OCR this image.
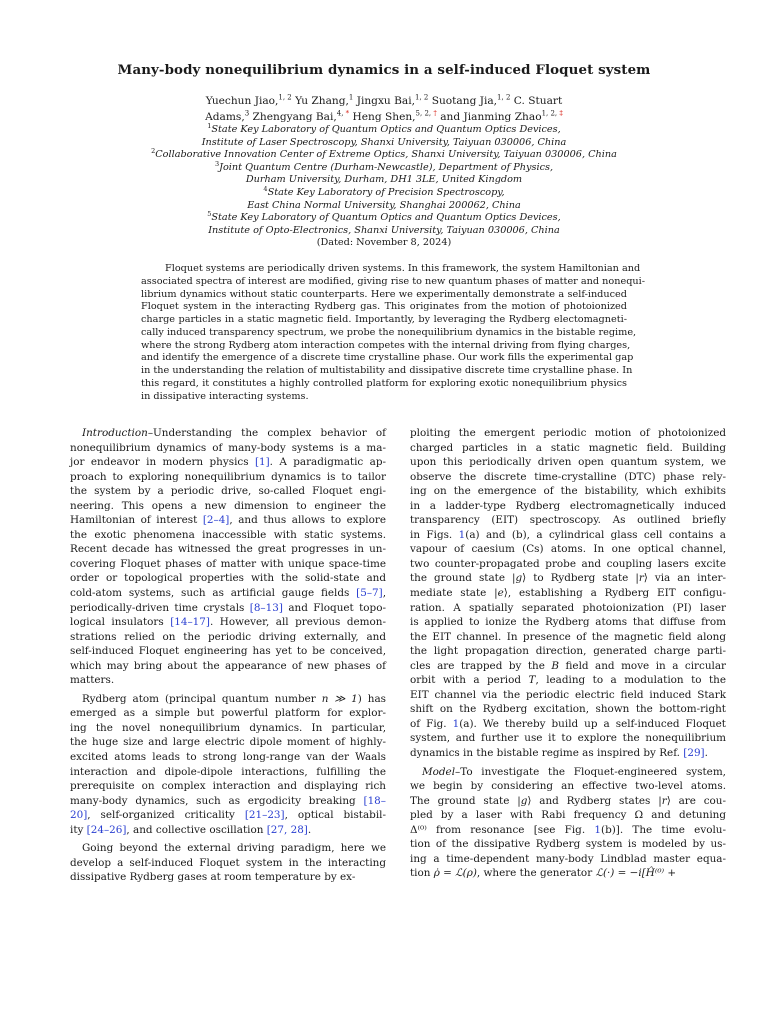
Many-body nonequilibrium dynamics in a self-induced Floquet system
Yuechun Jiao,$^{1, 2}$ Yu Zhang,$^1$ Jingxu Bai,$^{1, 2}$ Suotang Jia,$^{1, 2}$ C. Stuart
Adams,$^3$ Zhengyang Bai,$^{4,}$ * Heng Shen,$^{5, 2,}$ † and Jianming Zhao$^{1, 2,}$ ‡
$^1$State Key Laboratory of Quantum Optics and Quantum Optics Devices,
Institute of Laser Spectroscopy, Shanxi University, Taiyuan 030006, China
$^2$Collaborative Innovation Center of Extreme Optics, Shanxi University, Taiyuan 030006, China
$^3$Joint Quantum Centre (Durham-Newcastle), Department of Physics,
Durham University, Durham, DH1 3LE, United Kingdom
$^4$State Key Laboratory of Precision Spectroscopy,
East China Normal University, Shanghai 200062, China
$^5$State Key Laboratory of Quantum Optics and Quantum Optics Devices,
Institute of Opto-Electronics, Shanxi University, Taiyuan 030006, China
(Dated: November 8, 2024)
Floquet systems are periodically driven systems. In this framework, the system Hamiltonian and
associated spectra of interest are modified, giving rise to new quantum phases of matter and nonequi-
librium dynamics without static counterparts. Here we experimentally demonstrate a self-induced
Floquet system in the interacting Rydberg gas. This originates from the motion of photoionized
charge particles in a static magnetic field. Importantly, by leveraging the Rydberg electomagneti-
cally induced transparency spectrum, we probe the nonequilibrium dynamics in the bistable regime,
where the strong Rydberg atom interaction competes with the internal driving from flying charges,
and identify the emergence of a discrete time crystalline phase. Our work fills the experimental gap
in the understanding the relation of multistability and dissipative discrete time crystalline phase. In
this regard, it constitutes a highly controlled platform for exploring exotic nonequilibrium physics
in dissipative interacting systems.
Introduction–Understanding the complex behavior of
nonequilibrium dynamics of many-body systems is a ma-
jor endeavor in modern physics [1]. A paradigmatic ap-
proach to exploring nonequilibrium dynamics is to tailor
the system by a periodic drive, so-called Floquet engi-
neering. This opens a new dimension to engineer the
Hamiltonian of interest [2–4], and thus allows to explore
the exotic phenomena inaccessible with static systems.
Recent decade has witnessed the great progresses in un-
covering Floquet phases of matter with unique space-time
order or topological properties with the solid-state and
cold-atom systems, such as artificial gauge fields [5–7],
periodically-driven time crystals [8–13] and Floquet topo-
logical insulators [14–17]. However, all previous demon-
strations relied on the periodic driving externally, and
self-induced Floquet engineering has yet to be conceived,
which may bring about the appearance of new phases of
matters.
Rydberg atom (principal quantum number n ≫ 1) has
emerged as a simple but powerful platform for explor-
ing the novel nonequilibrium dynamics. In particular,
the huge size and large electric dipole moment of highly-
excited atoms leads to strong long-range van der Waals
interaction and dipole-dipole interactions, fulfilling the
prerequisite on complex interaction and displaying rich
many-body dynamics, such as ergodicity breaking [18–
20], self-organized criticality [21–23], optical bistabil-
ity [24–26], and collective oscillation [27, 28].
Going beyond the external driving paradigm, here we
develop a self-induced Floquet system in the interacting
dissipative Rydberg gases at room temperature by ex-
ploiting the emergent periodic motion of photoionized
charged particles in a static magnetic field. Building
upon this periodically driven open quantum system, we
observe the discrete time-crystalline (DTC) phase rely-
ing on the emergence of the bistability, which exhibits
in a ladder-type Rydberg electromagnetically induced
transparency (EIT) spectroscopy. As outlined briefly
in Figs. 1(a) and (b), a cylindrical glass cell contains a
vapour of caesium (Cs) atoms. In one optical channel,
two counter-propagated probe and coupling lasers excite
the ground state |g⟩ to Rydberg state |r⟩ via an inter-
mediate state |e⟩, establishing a Rydberg EIT configu-
ration. A spatially separated photoionization (PI) laser
is applied to ionize the Rydberg atoms that diffuse from
the EIT channel. In presence of the magnetic field along
the light propagation direction, generated charge parti-
cles are trapped by the B field and move in a circular
orbit with a period T, leading to a modulation to the
EIT channel via the periodic electric field induced Stark
shift on the Rydberg excitation, shown the bottom-right
of Fig. 1(a). We thereby build up a self-induced Floquet
system, and further use it to explore the nonequilibrium
dynamics in the bistable regime as inspired by Ref. [29].
Model–To investigate the Floquet-engineered system,
we begin by considering an effective two-level atoms.
The ground state |g⟩ and Rydberg states |r⟩ are cou-
pled by a laser with Rabi frequency Ω and detuning
Δ⁽⁰⁾ from resonance [see Fig. 1(b)]. The time evolu-
tion of the dissipative Rydberg system is modeled by us-
ing a time-dependent many-body Lindblad master equa-
tion ρ̇ = ℒ(ρ), where the generator ℒ(·) = −i[Ĥ⁽⁰⁾ +
